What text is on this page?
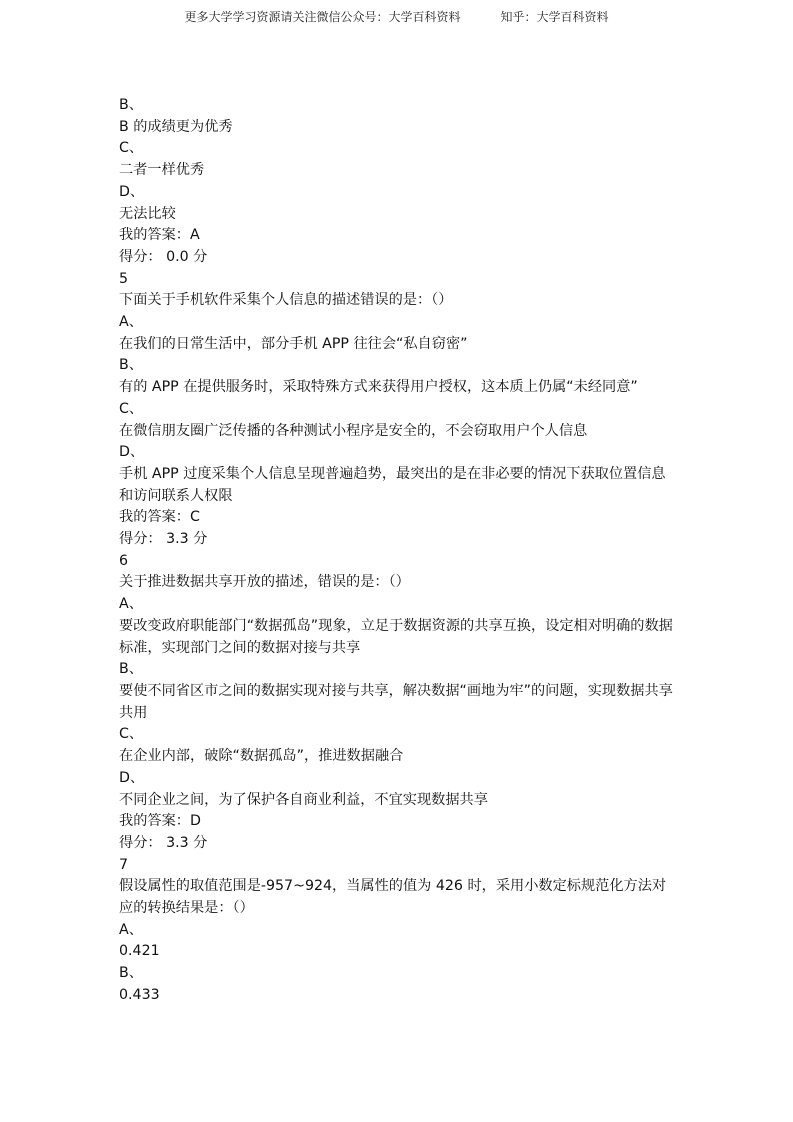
更多大学学习资源请关注微信公众号：大学百科资料	知乎：大学百科资料

B、

B 的成绩更为优秀

C、

二者一样优秀

D、

无法比较

我的答案：A

得分： 0.0 分

5

下面关于手机软件采集个人信息的描述错误的是：（）

A、

在我们的日常生活中，部分手机 APP 往往会“私自窃密”

B、

有的 APP 在提供服务时，采取特殊方式来获得用户授权，这本质上仍属“未经同意”

C、

在微信朋友圈广泛传播的各种测试小程序是安全的，不会窃取用户个人信息

D、

手机 APP 过度采集个人信息呈现普遍趋势，最突出的是在非必要的情况下获取位置信息和访问联系人权限

我的答案：C

得分： 3.3 分

6

关于推进数据共享开放的描述，错误的是：（）

A、

要改变政府职能部门“数据孤岛”现象，立足于数据资源的共享互换，设定相对明确的数据标准，实现部门之间的数据对接与共享

B、

要使不同省区市之间的数据实现对接与共享，解决数据“画地为牢”的问题，实现数据共享共用

C、

在企业内部，破除“数据孤岛”，推进数据融合

D、

不同企业之间，为了保护各自商业利益，不宜实现数据共享

我的答案：D

得分： 3.3 分

7

假设属性的取值范围是-957~924，当属性的值为 426 时，采用小数定标规范化方法对应的转换结果是：（）

A、

0.421

B、

0.433
